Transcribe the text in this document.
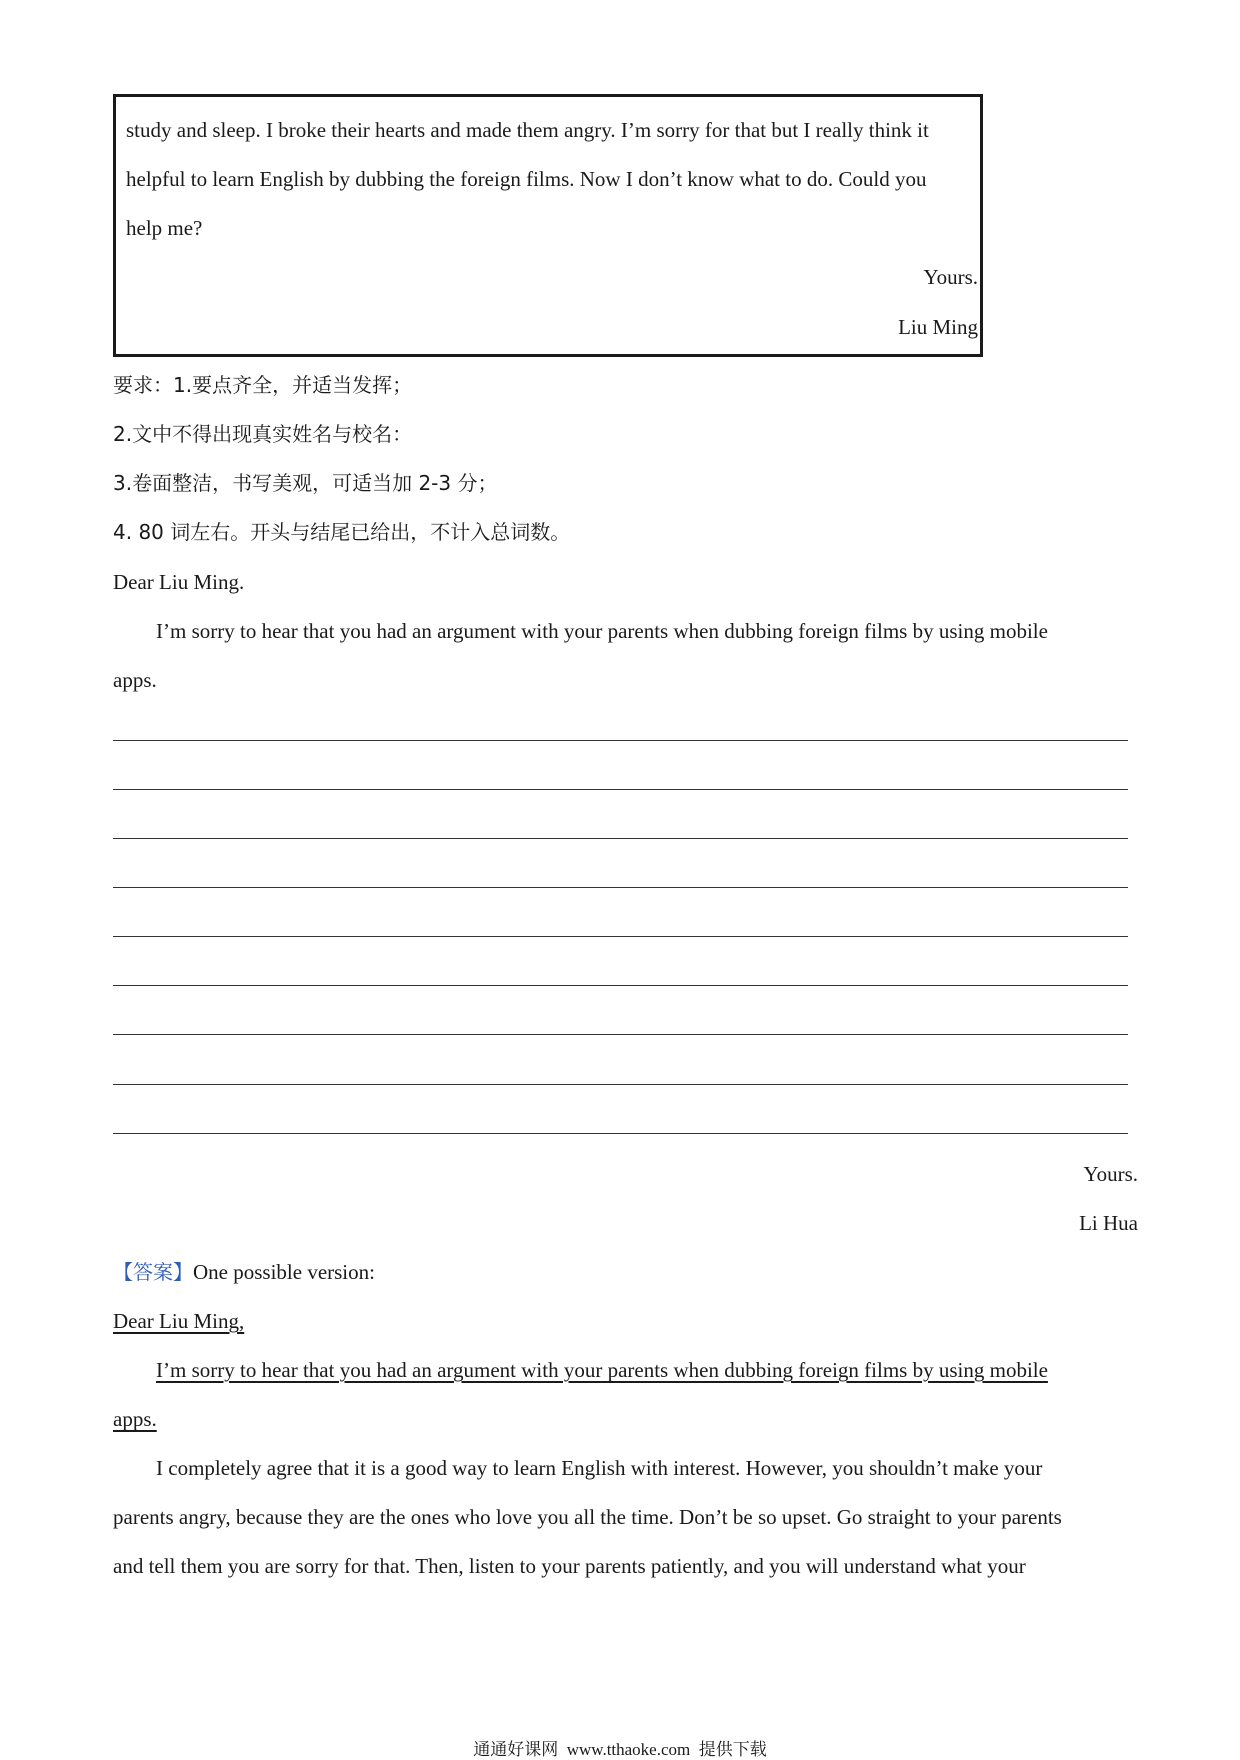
study and sleep. I broke their hearts and made them angry. I’m sorry for that but I really think it
helpful to learn English by dubbing the foreign films. Now I don’t know what to do. Could you
help me?
Yours.
Liu Ming
要求：1.要点齐全，并适当发挥；
2.文中不得出现真实姓名与校名：
3.卷面整洁，书写美观，可适当加 2-3 分；
4. 80 词左右。开头与结尾已给出，不计入总词数。
Dear Liu Ming.
I’m sorry to hear that you had an argument with your parents when dubbing foreign films by using mobile
apps.
Yours.
Li Hua
【答案】One possible version:
Dear Liu Ming,
I’m sorry to hear that you had an argument with your parents when dubbing foreign films by using mobile
apps.
I completely agree that it is a good way to learn English with interest. However, you shouldn’t make your
parents angry, because they are the ones who love you all the time. Don’t be so upset. Go straight to your parents
and tell them you are sorry for that. Then, listen to your parents patiently, and you will understand what your
通通好课网  www.tthaoke.com  提供下载
